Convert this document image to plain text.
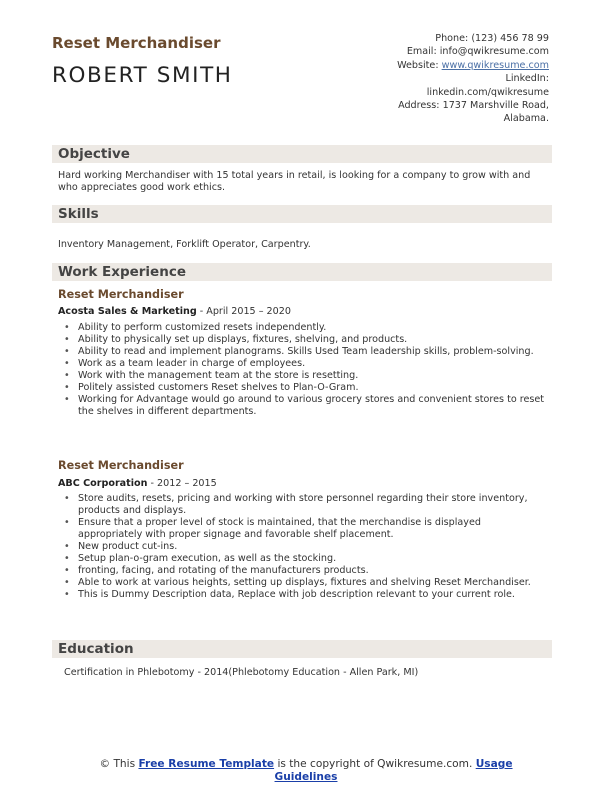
Reset Merchandiser
ROBERT SMITH
Phone: (123) 456 78 99
Email: info@qwikresume.com
Website: www.qwikresume.com
LinkedIn:
linkedin.com/qwikresume
Address: 1737 Marshville Road,
Alabama.
Objective
Hard working Merchandiser with 15 total years in retail, is looking for a company to grow with and who appreciates good work ethics.
Skills
Inventory Management, Forklift Operator, Carpentry.
Work Experience
Reset Merchandiser
Acosta Sales & Marketing - April 2015 – 2020
• Ability to perform customized resets independently.
• Ability to physically set up displays, fixtures, shelving, and products.
• Ability to read and implement planograms. Skills Used Team leadership skills, problem-solving.
• Work as a team leader in charge of employees.
• Work with the management team at the store is resetting.
• Politely assisted customers Reset shelves to Plan-O-Gram.
• Working for Advantage would go around to various grocery stores and convenient stores to reset the shelves in different departments.
Reset Merchandiser
ABC Corporation - 2012 – 2015
• Store audits, resets, pricing and working with store personnel regarding their store inventory, products and displays.
• Ensure that a proper level of stock is maintained, that the merchandise is displayed appropriately with proper signage and favorable shelf placement.
• New product cut-ins.
• Setup plan-o-gram execution, as well as the stocking.
• fronting, facing, and rotating of the manufacturers products.
• Able to work at various heights, setting up displays, fixtures and shelving Reset Merchandiser.
• This is Dummy Description data, Replace with job description relevant to your current role.
Education
Certification in Phlebotomy - 2014(Phlebotomy Education - Allen Park, MI)
© This Free Resume Template is the copyright of Qwikresume.com. Usage
Guidelines
